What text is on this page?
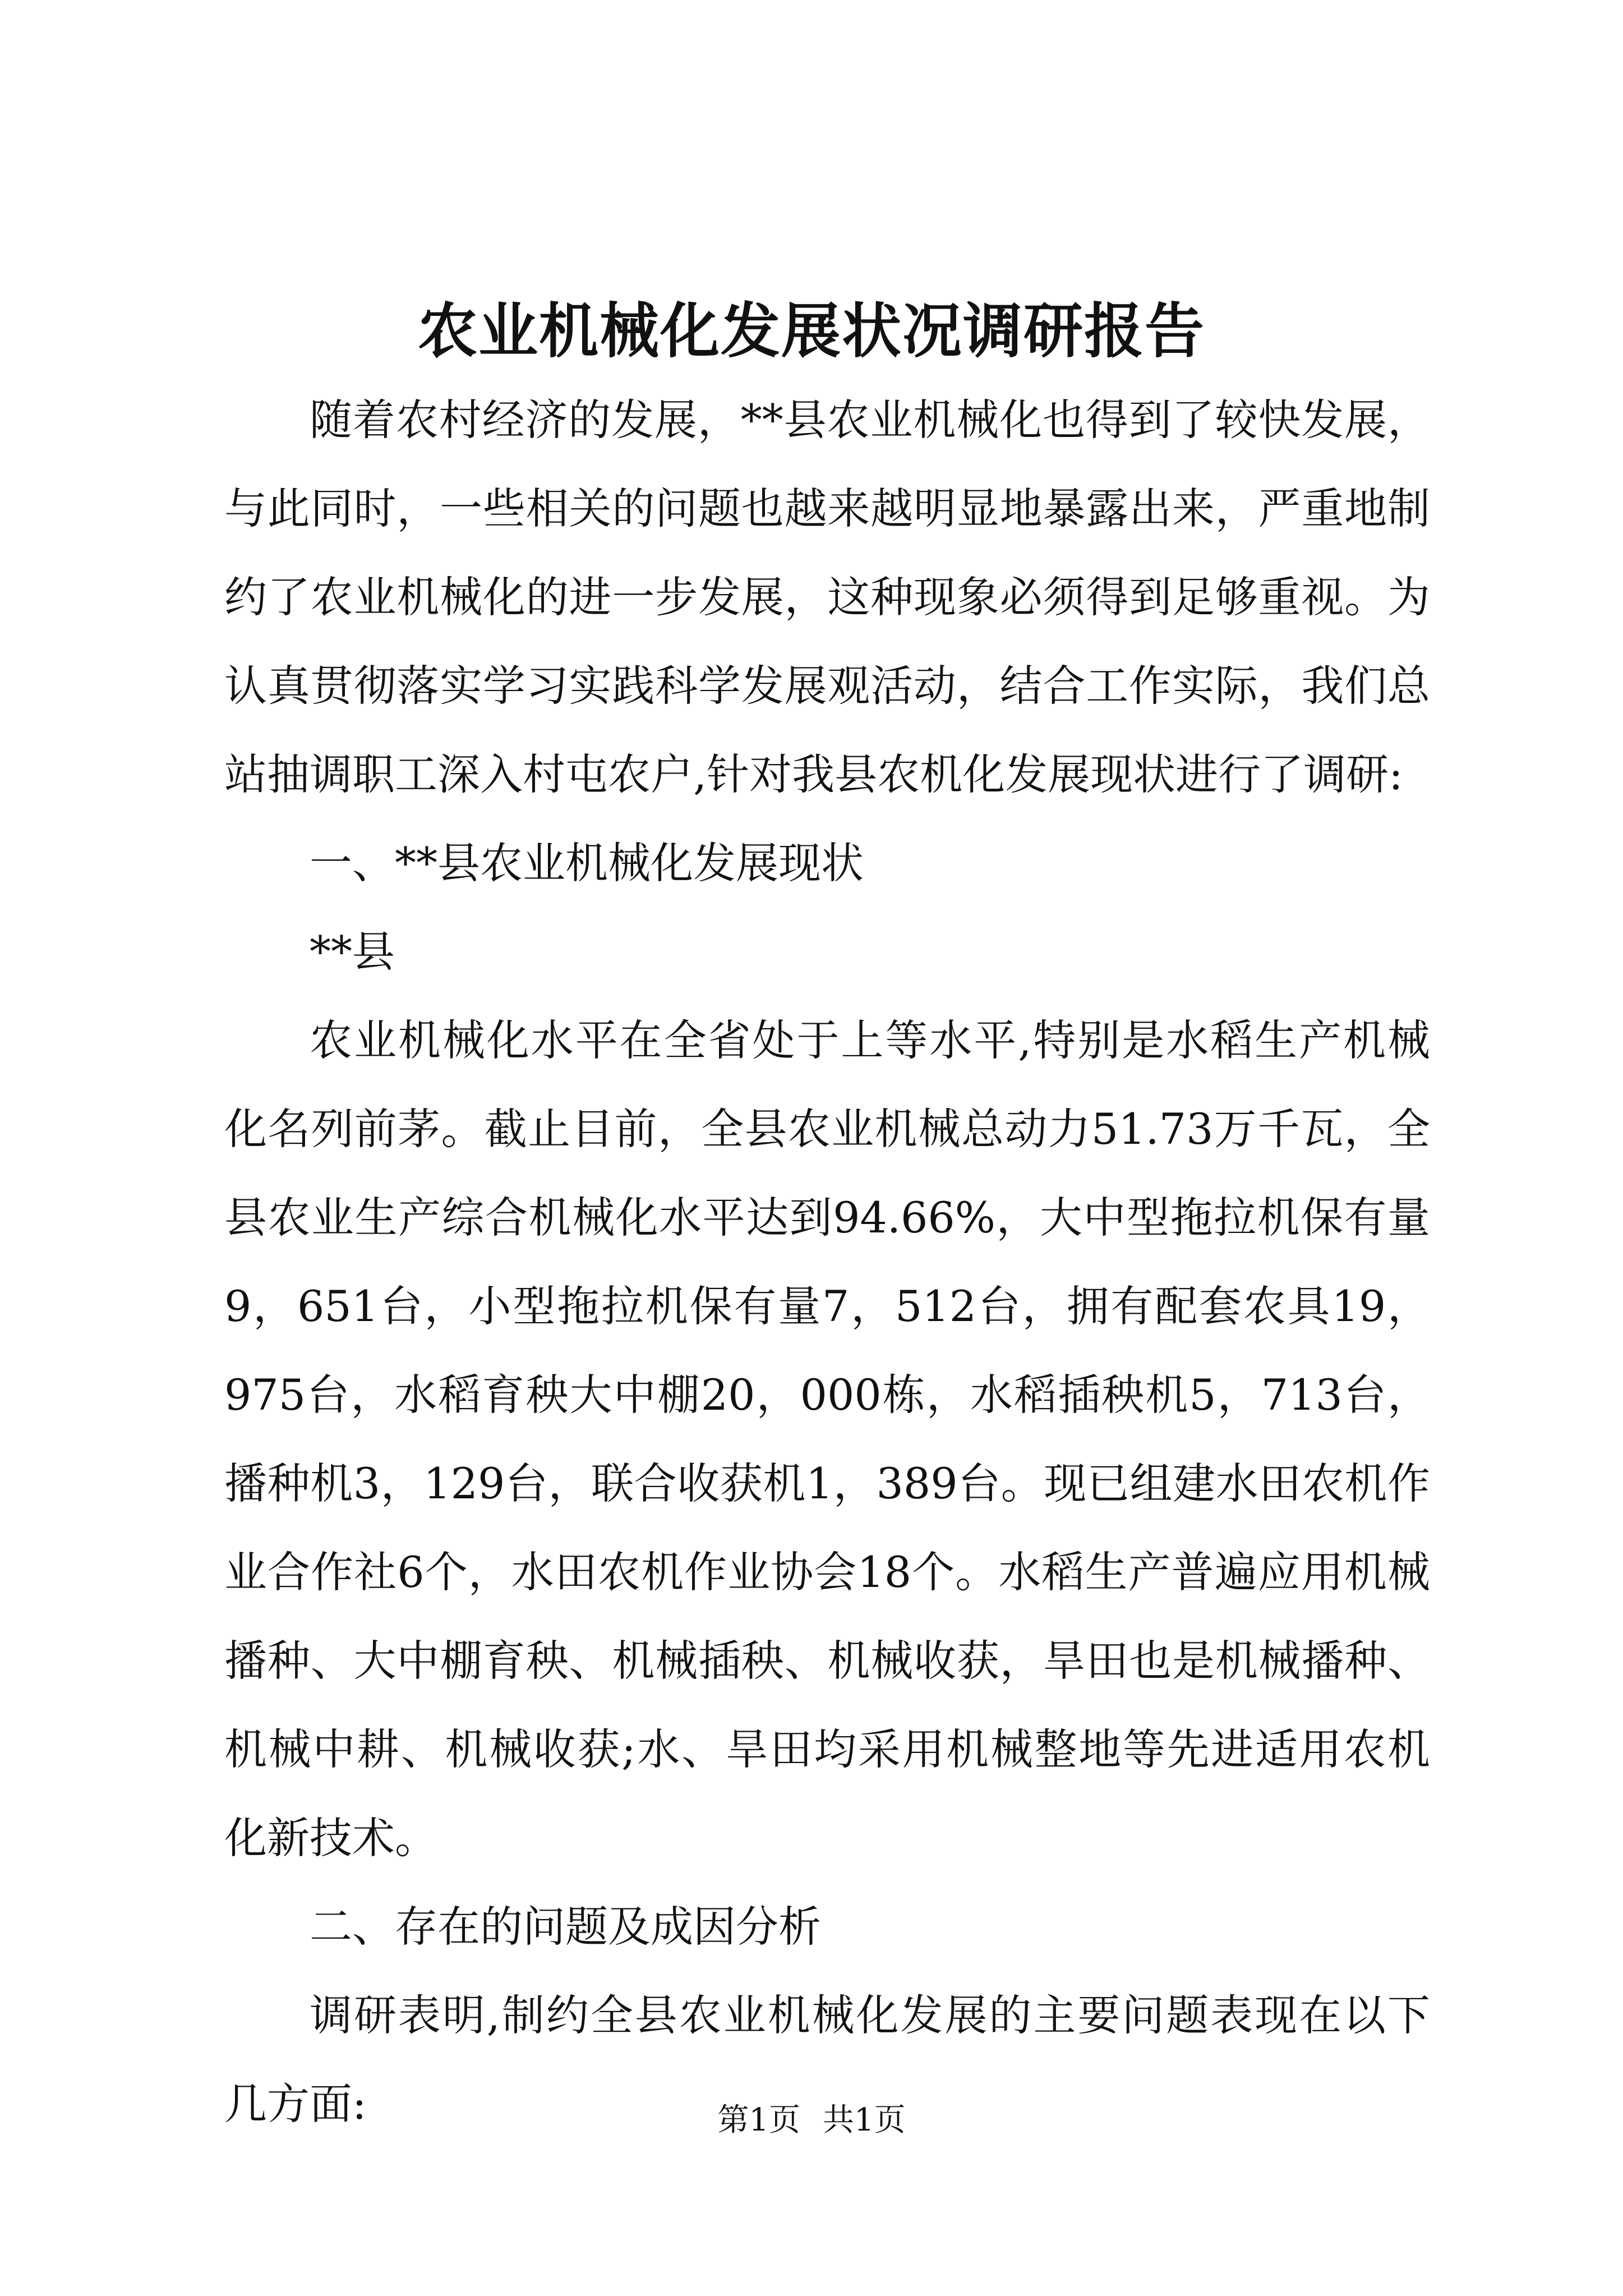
农业机械化发展状况调研报告

随着农村经济的发展，**县农业机械化也得到了较快发展，与此同时，一些相关的问题也越来越明显地暴露出来，严重地制约了农业机械化的进一步发展，这种现象必须得到足够重视。为认真贯彻落实学习实践科学发展观活动，结合工作实际，我们总站抽调职工深入村屯农户,针对我县农机化发展现状进行了调研:

一、**县农业机械化发展现状

**县

农业机械化水平在全省处于上等水平,特别是水稻生产机械化名列前茅。截止目前，全县农业机械总动力51.73万千瓦，全县农业生产综合机械化水平达到94.66%，大中型拖拉机保有量9，651台，小型拖拉机保有量7，512台，拥有配套农具19，975台，水稻育秧大中棚20，000栋，水稻插秧机5，713台，播种机3，129台，联合收获机1，389台。现已组建水田农机作业合作社6个，水田农机作业协会18个。水稻生产普遍应用机械播种、大中棚育秧、机械插秧、机械收获，旱田也是机械播种、机械中耕、机械收获;水、旱田均采用机械整地等先进适用农机化新技术。

二、存在的问题及成因分析

调研表明,制约全县农业机械化发展的主要问题表现在以下几方面:	第1页 共1页
